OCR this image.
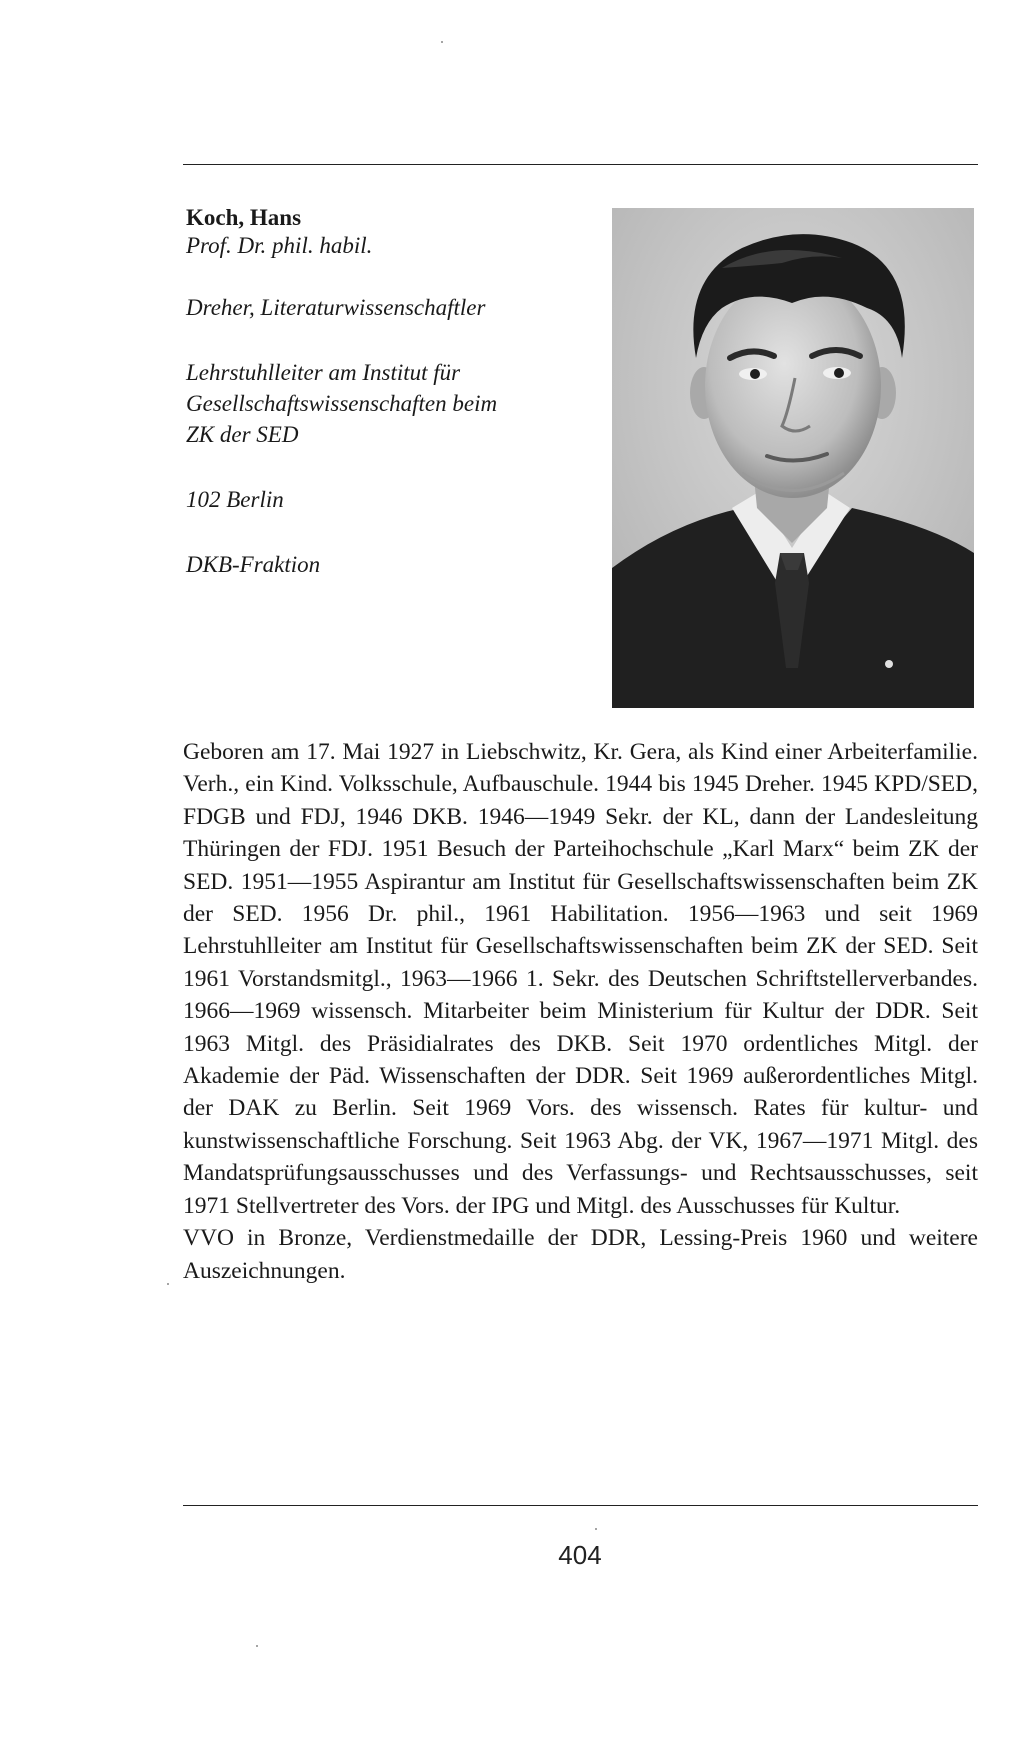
Koch, Hans

Prof. Dr. phil. habil.

Dreher, Literaturwissenschaftler

Lehrstuhlleiter am Institut für
Gesellschaftswissenschaften beim
ZK der SED

102 Berlin

DKB-Fraktion

Geboren am 17. Mai 1927 in Liebschwitz, Kr. Gera, als Kind einer Arbeiterfamilie. Verh., ein Kind. Volksschule, Aufbauschule. 1944 bis 1945 Dreher. 1945 KPD/SED, FDGB und FDJ, 1946 DKB. 1946—1949 Sekr. der KL, dann der Landesleitung Thüringen der FDJ. 1951 Besuch der Parteihochschule „Karl Marx“ beim ZK der SED. 1951—1955 Aspirantur am Institut für Gesellschaftswissenschaften beim ZK der SED. 1956 Dr. phil., 1961 Habilitation. 1956—1963 und seit 1969 Lehrstuhlleiter am Institut für Gesellschaftswissenschaften beim ZK der SED. Seit 1961 Vorstandsmitgl., 1963—1966 1. Sekr. des Deutschen Schriftstellerverbandes. 1966—1969 wissensch. Mitarbeiter beim Ministerium für Kultur der DDR. Seit 1963 Mitgl. des Präsidialrates des DKB. Seit 1970 ordentliches Mitgl. der Akademie der Päd. Wissenschaften der DDR. Seit 1969 außerordentliches Mitgl. der DAK zu Berlin. Seit 1969 Vors. des wissensch. Rates für kultur- und kunstwissenschaftliche Forschung. Seit 1963 Abg. der VK, 1967—1971 Mitgl. des Mandatsprüfungsausschusses und des Verfassungs- und Rechtsausschusses, seit 1971 Stellvertreter des Vors. der IPG und Mitgl. des Ausschusses für Kultur.

VVO in Bronze, Verdienstmedaille der DDR, Lessing-Preis 1960 und weitere Auszeichnungen.

404
